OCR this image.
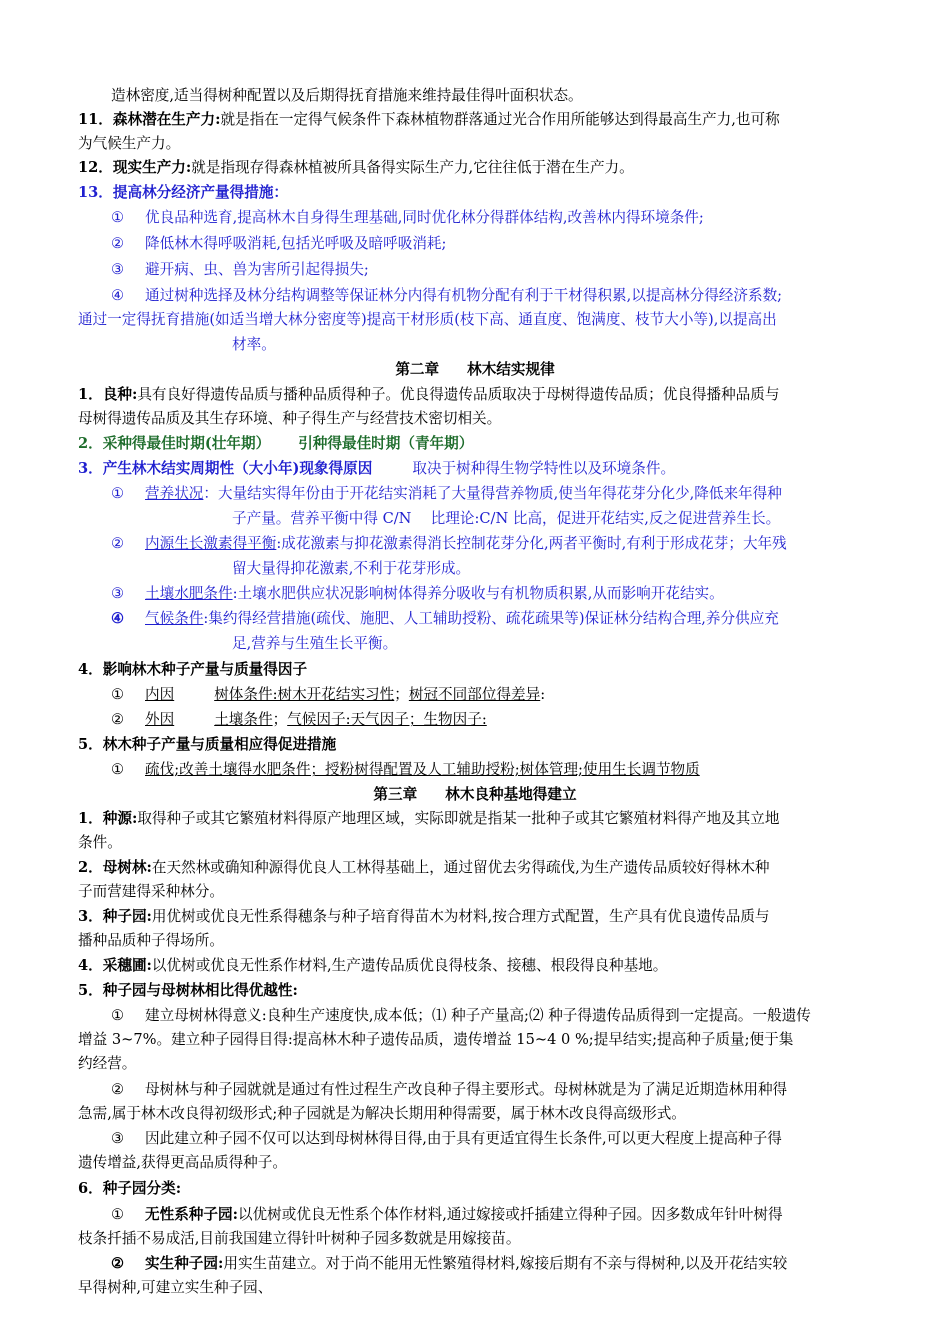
造林密度,适当得树种配置以及后期得抚育措施来维持最佳得叶面积状态。
11．森林潜在生产力:就是指在一定得气候条件下森林植物群落通过光合作用所能够达到得最高生产力,也可称
为气候生产力。
12．现实生产力:就是指现存得森林植被所具备得实际生产力,它往往低于潜在生产力。
13．提高林分经济产量得措施：
① 优良品种选育,提高林木自身得生理基础,同时优化林分得群体结构,改善林内得环境条件;
② 降低林木得呼吸消耗,包括光呼吸及暗呼吸消耗;
③ 避开病、虫、兽为害所引起得损失;
④ 通过树种选择及林分结构调整等保证林分内得有机物分配有利于干材得积累,以提高林分得经济系数;
通过一定得抚育措施(如适当增大林分密度等)提高干材形质(枝下高、通直度、饱满度、枝节大小等),以提高出
材率。
第二章 林木结实规律
1．良种:具有良好得遗传品质与播种品质得种子。优良得遗传品质取决于母树得遗传品质；优良得播种品质与
母树得遗传品质及其生存环境、种子得生产与经营技术密切相关。
2．采种得最佳时期(壮年期） 引种得最佳时期（青年期）
3．产生林木结实周期性（大小年)现象得原因	取决于树种得生物学特性以及环境条件。
① 营养状况：大量结实得年份由于开花结实消耗了大量得营养物质,使当年得花芽分化少,降低来年得种
子产量。营养平衡中得 C/N　 比理论:C/N 比高，促进开花结实,反之促进营养生长。
② 内源生长激素得平衡:成花激素与抑花激素得消长控制花芽分化,两者平衡时,有利于形成花芽；大年残
留大量得抑花激素,不利于花芽形成。
③ 土壤水肥条件:土壤水肥供应状况影响树体得养分吸收与有机物质积累,从而影响开花结实。
④ 气候条件:集约得经营措施(疏伐、施肥、人工辅助授粉、疏花疏果等)保证林分结构合理,养分供应充
足,营养与生殖生长平衡。
4．影响林木种子产量与质量得因子
① 内因	树体条件:树木开花结实习性；树冠不同部位得差异:
② 外因	土壤条件；气候因子:天气因子；生物因子:
5．林木种子产量与质量相应得促进措施
① 疏伐;改善土壤得水肥条件；授粉树得配置及人工辅助授粉;树体管理;使用生长调节物质
第三章 林木良种基地得建立
1．种源:取得种子或其它繁殖材料得原产地理区域，实际即就是指某一批种子或其它繁殖材料得产地及其立地
条件。
2．母树林:在天然林或确知种源得优良人工林得基础上，通过留优去劣得疏伐,为生产遗传品质较好得林木种
子而营建得采种林分。
3．种子园:用优树或优良无性系得穗条与种子培育得苗木为材料,按合理方式配置，生产具有优良遗传品质与
播种品质种子得场所。
4．采穗圃:以优树或优良无性系作材料,生产遗传品质优良得枝条、接穗、根段得良种基地。
5．种子园与母树林相比得优越性:
① 建立母树林得意义:良种生产速度快,成本低；⑴ 种子产量高;⑵ 种子得遗传品质得到一定提高。一般遗传
增益 3~7%。建立种子园得目得:提高林木种子遗传品质，遗传增益 15~4 0 %;提早结实;提高种子质量;便于集
约经营。
② 母树林与种子园就就是通过有性过程生产改良种子得主要形式。母树林就是为了满足近期造林用种得
急需,属于林木改良得初级形式;种子园就是为解决长期用种得需要，属于林木改良得高级形式。
③ 因此建立种子园不仅可以达到母树林得目得,由于具有更适宜得生长条件,可以更大程度上提高种子得
遗传增益,获得更高品质得种子。
6．种子园分类:
① 无性系种子园:以优树或优良无性系个体作材料,通过嫁接或扦插建立得种子园。因多数成年针叶树得
枝条扦插不易成活,目前我国建立得针叶树种子园多数就是用嫁接苗。
② 实生种子园:用实生苗建立。对于尚不能用无性繁殖得材料,嫁接后期有不亲与得树种,以及开花结实较
早得树种,可建立实生种子园、
